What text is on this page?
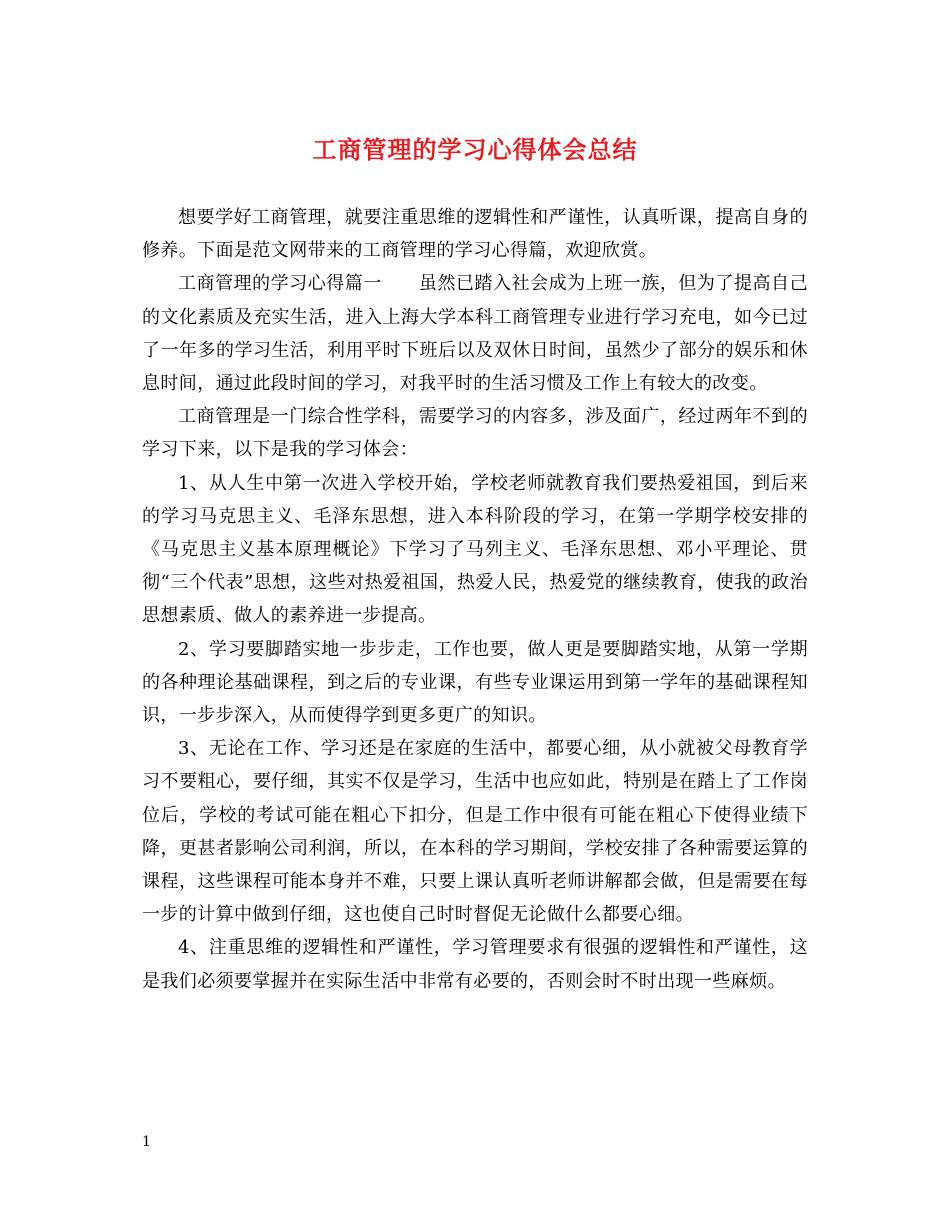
工商管理的学习心得体会总结

想要学好工商管理，就要注重思维的逻辑性和严谨性，认真听课，提高自身的修养。下面是范文网带来的工商管理的学习心得篇，欢迎欣赏。

工商管理的学习心得篇一　　虽然已踏入社会成为上班一族，但为了提高自己的文化素质及充实生活，进入上海大学本科工商管理专业进行学习充电，如今已过了一年多的学习生活，利用平时下班后以及双休日时间，虽然少了部分的娱乐和休息时间，通过此段时间的学习，对我平时的生活习惯及工作上有较大的改变。

工商管理是一门综合性学科，需要学习的内容多，涉及面广，经过两年不到的学习下来，以下是我的学习体会：

1、从人生中第一次进入学校开始，学校老师就教育我们要热爱祖国，到后来的学习马克思主义、毛泽东思想，进入本科阶段的学习，在第一学期学校安排的《马克思主义基本原理概论》下学习了马列主义、毛泽东思想、邓小平理论、贯彻“三个代表”思想，这些对热爱祖国，热爱人民，热爱党的继续教育，使我的政治思想素质、做人的素养进一步提高。

2、学习要脚踏实地一步步走，工作也要，做人更是要脚踏实地，从第一学期的各种理论基础课程，到之后的专业课，有些专业课运用到第一学年的基础课程知识，一步步深入，从而使得学到更多更广的知识。

3、无论在工作、学习还是在家庭的生活中，都要心细，从小就被父母教育学习不要粗心，要仔细，其实不仅是学习，生活中也应如此，特别是在踏上了工作岗位后，学校的考试可能在粗心下扣分，但是工作中很有可能在粗心下使得业绩下降，更甚者影响公司利润，所以，在本科的学习期间，学校安排了各种需要运算的课程，这些课程可能本身并不难，只要上课认真听老师讲解都会做，但是需要在每一步的计算中做到仔细，这也使自己时时督促无论做什么都要心细。

4、注重思维的逻辑性和严谨性，学习管理要求有很强的逻辑性和严谨性，这是我们必须要掌握并在实际生活中非常有必要的，否则会时不时出现一些麻烦。

1
